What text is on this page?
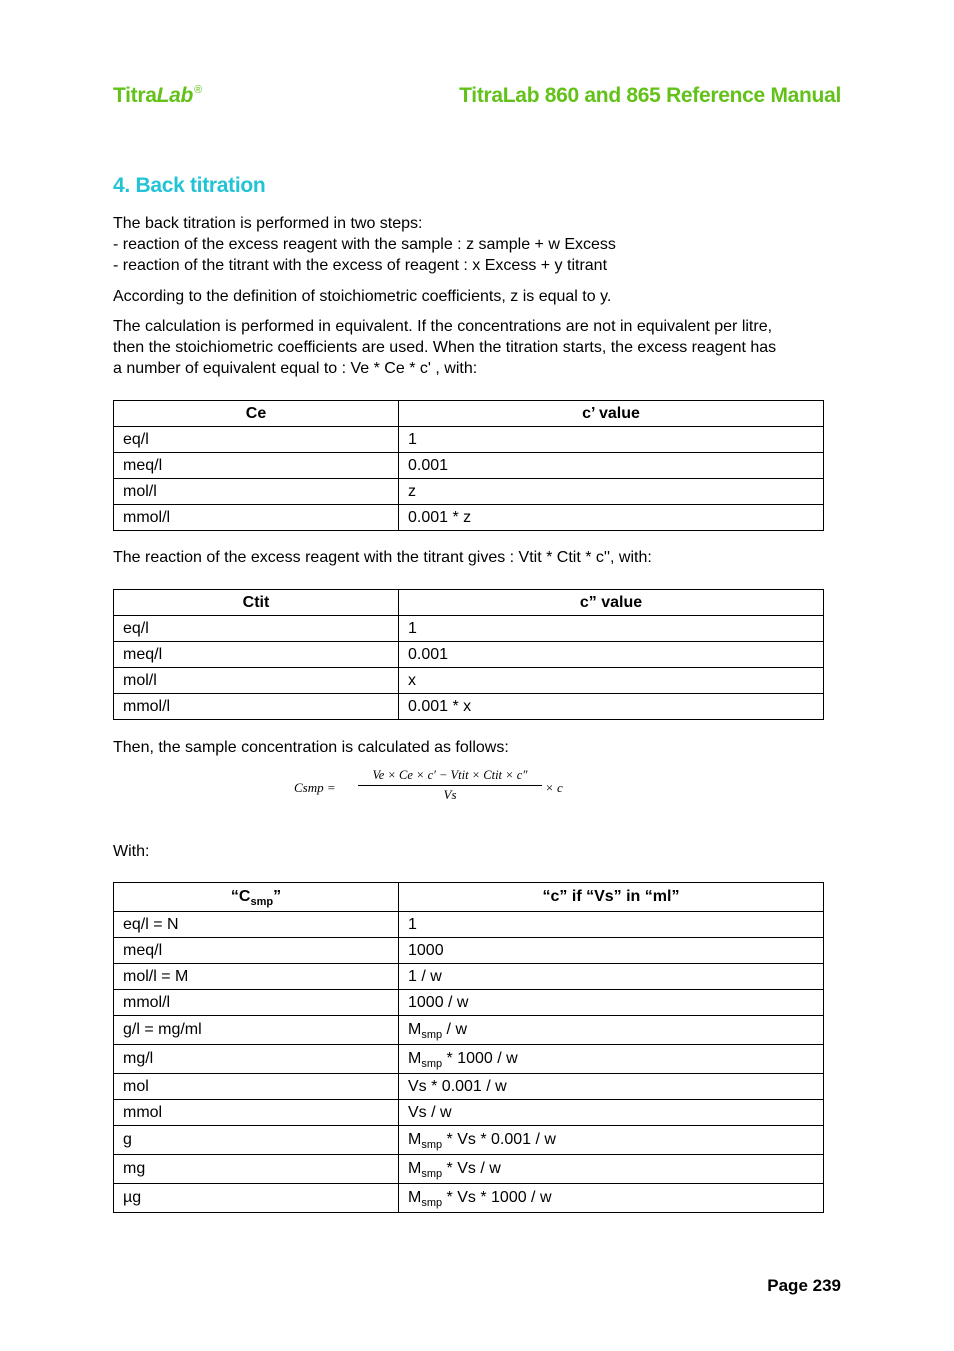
TitraLab®	TitraLab 860 and 865 Reference Manual
4. Back titration
The back titration is performed in two steps:
- reaction of the excess reagent with the sample : z sample + w Excess
- reaction of the titrant with the excess of reagent : x Excess + y titrant
According to the definition of stoichiometric coefficients, z is equal to y.
The calculation is performed in equivalent. If the concentrations are not in equivalent per litre,
then the stoichiometric coefficients are used. When the titration starts, the excess reagent has
a number of equivalent equal to : Ve * Ce * c' , with:
Ce	c’ value
eq/l	1
meq/l	0.001
mol/l	z
mmol/l	0.001 * z
The reaction of the excess reagent with the titrant gives : Vtit * Ctit * c'', with:
Ctit	c” value
eq/l	1
meq/l	0.001
mol/l	x
mmol/l	0.001 * x
Then, the sample concentration is calculated as follows:
Csmp =
Ve × Ce × c′ − Vtit × Ctit × c″
Vs	× c
With:
“$C_{smp}$”	“c” if “Vs” in “ml”
eq/l = N	1
meq/l	1000
mol/l = M	1 / w
mmol/l	1000 / w
g/l = mg/ml	$M_{smp}$ / w
mg/l	$M_{smp} * 1000$ / w
mol	Vs * 0.001 / w
mmol	Vs / w
g	$M_{smp}$ * Vs * 0.001 / w
mg	$M_{smp}$ * Vs / w
µg	$M_{smp}$ * Vs * 1000 / w
Page 239
